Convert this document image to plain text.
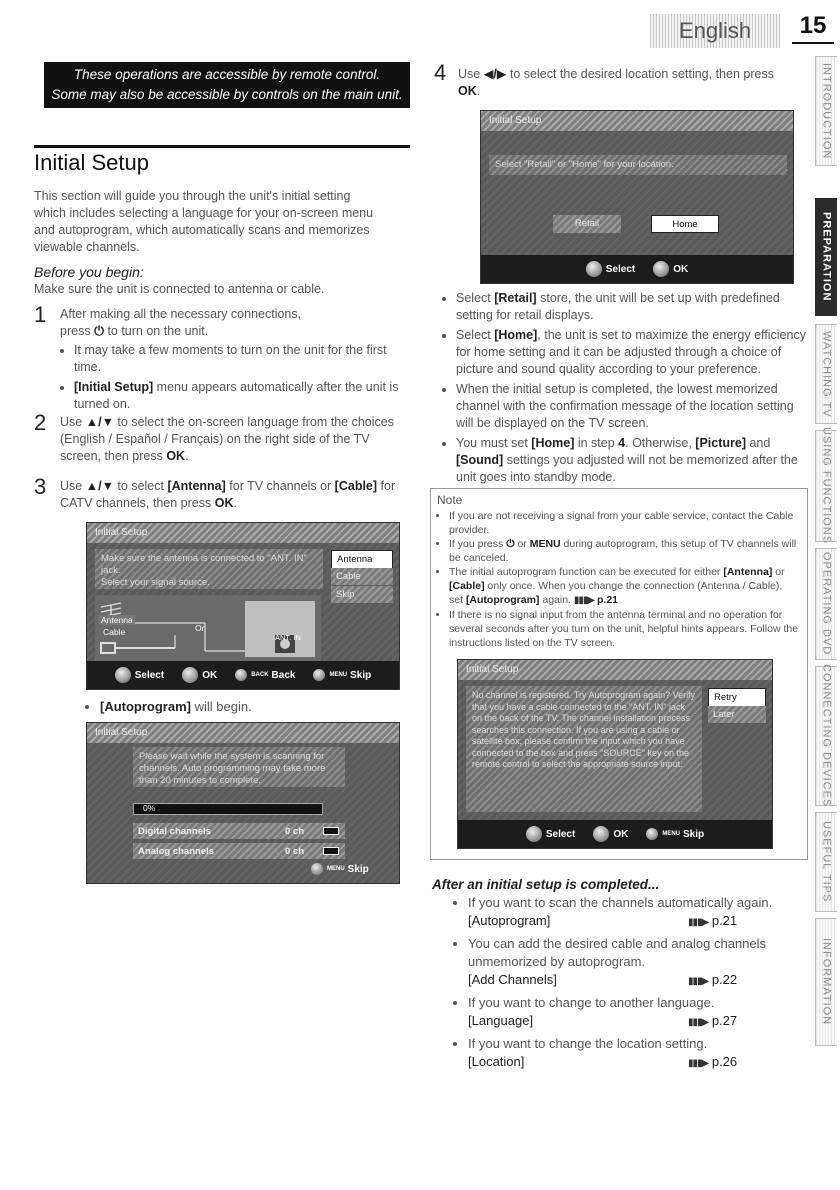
English	15
INTRODUCTION
PREPARATION
WATCHING TV
USING FUNCTIONS
OPERATING DVD
CONNECTING DEVICES
USEFUL TIPS
INFORMATION
These operations are accessible by remote control.
Some may also be accessible by controls on the main unit.
Initial Setup
This section will guide you through the unit's initial setting which includes selecting a language for your on-screen menu and autoprogram, which automatically scans and memorizes viewable channels.
Before you begin:
Make sure the unit is connected to antenna or cable.
1 After making all the necessary connections,
press ⏻ to turn on the unit.
• It may take a few moments to turn on the unit for the first time.
• [Initial Setup] menu appears automatically after the unit is turned on.
2 Use ▲/▼ to select the on-screen language from the choices (English / Español / Français) on the right side of the TV screen, then press OK.
3 Use ▲/▼ to select [Antenna] for TV channels or [Cable] for CATV channels, then press OK.
Initial Setup
Make sure the antenna is connected to "ANT. IN" jack.
Select your signal source.
Antenna
Cable
Skip
Antenna
Cable	Or
ANT. IN
Select	OK	BACK Back	MENU Skip
• [Autoprogram] will begin.
Initial Setup
Please wait while the system is scanning for channels. Auto programming may take more than 20 minutes to complete.
0%
Digital channels	0 ch
Analog channels	0 ch
MENU Skip
4 Use ◀/▶ to select the desired location setting, then press OK.
Initial Setup
Select "Retail" or "Home" for your location.
Retail	Home
Select	OK
• Select [Retail] store, the unit will be set up with predefined setting for retail displays.
• Select [Home], the unit is set to maximize the energy efficiency for home setting and it can be adjusted through a choice of picture and sound quality according to your preference.
• When the initial setup is completed, the lowest memorized channel with the confirmation message of the location setting will be displayed on the TV screen.
• You must set [Home] in step 4. Otherwise, [Picture] and [Sound] settings you adjusted will not be memorized after the unit goes into standby mode.
Note
• If you are not receiving a signal from your cable service, contact the Cable provider.
• If you press ⏻ or MENU during autoprogram, this setup of TV channels will be canceled.
• The initial autoprogram function can be executed for either [Antenna] or [Cable] only once. When you change the connection (Antenna / Cable), set [Autoprogram] again. ▮▮▮▶ p.21
• If there is no signal input from the antenna terminal and no operation for several seconds after you turn on the unit, helpful hints appears. Follow the instructions listed on the TV screen.
Initial Setup
No channel is registered. Try Autoprogram again? Verify that you have a cable connected to the "ANT. IN" jack on the back of the TV. The channel installation process searches this connection. If you are using a cable or satellite box, please confirm the input which you have connected to the box and press "SOURCE" key on the remote control to select the appropriate source input.
Retry
Later
Select	OK	MENU Skip
After an initial setup is completed...
• If you want to scan the channels automatically again.
[Autoprogram]	▮▮▮▶ p.21
• You can add the desired cable and analog channels unmemorized by autoprogram.
[Add Channels]	▮▮▮▶ p.22
• If you want to change to another language.
[Language]	▮▮▮▶ p.27
• If you want to change the location setting.
[Location]	▮▮▮▶ p.26
